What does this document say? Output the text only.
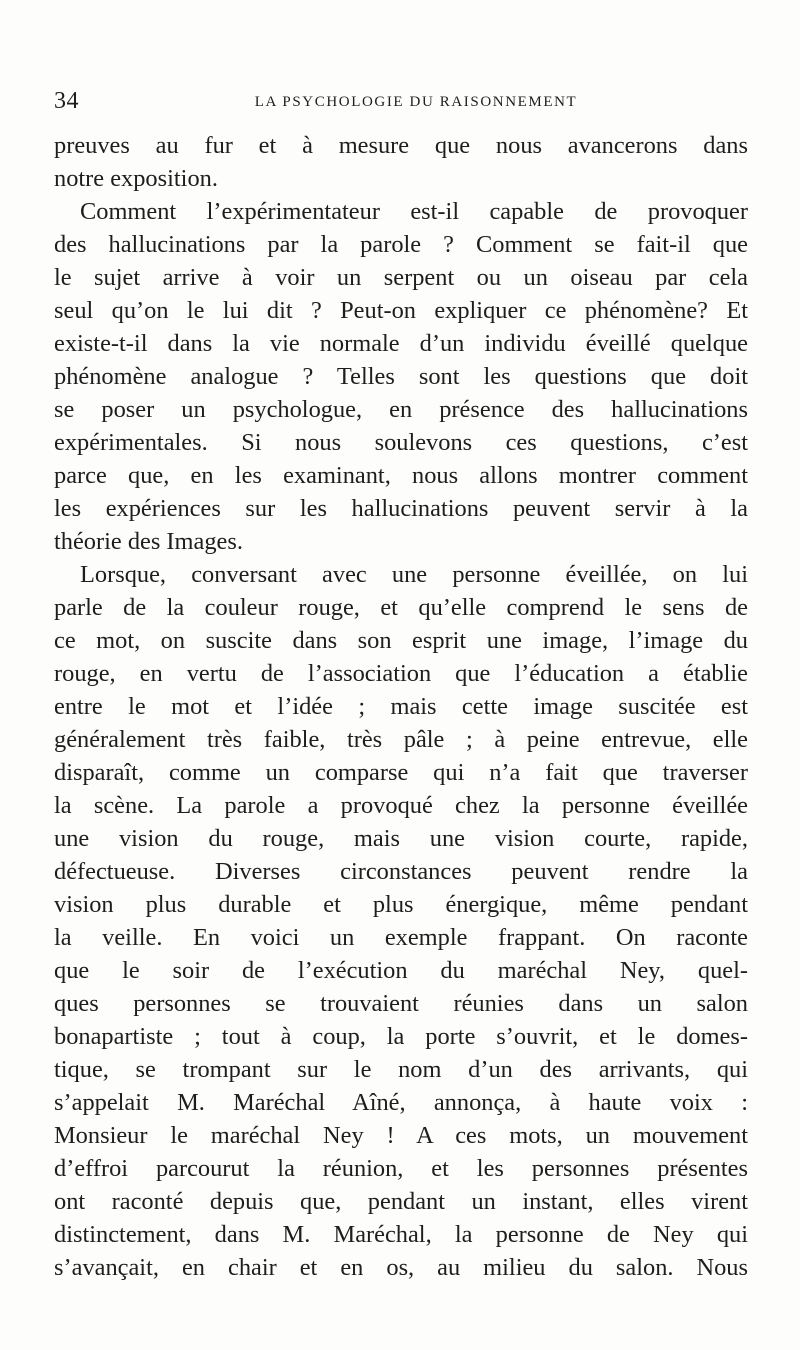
34	LA PSYCHOLOGIE DU RAISONNEMENT
preuves au fur et à mesure que nous avancerons dans
notre exposition.
Comment l’expérimentateur est-il capable de provoquer
des hallucinations par la parole ? Comment se fait-il que
le sujet arrive à voir un serpent ou un oiseau par cela
seul qu’on le lui dit ? Peut-on expliquer ce phénomène? Et
existe-t-il dans la vie normale d’un individu éveillé quelque
phénomène analogue ? Telles sont les questions que doit
se poser un psychologue, en présence des hallucinations
expérimentales. Si nous soulevons ces questions, c’est
parce que, en les examinant, nous allons montrer comment
les expériences sur les hallucinations peuvent servir à la
théorie des Images.
Lorsque, conversant avec une personne éveillée, on lui
parle de la couleur rouge, et qu’elle comprend le sens de
ce mot, on suscite dans son esprit une image, l’image du
rouge, en vertu de l’association que l’éducation a établie
entre le mot et l’idée ; mais cette image suscitée est
généralement très faible, très pâle ; à peine entrevue, elle
disparaît, comme un comparse qui n’a fait que traverser
la scène. La parole a provoqué chez la personne éveillée
une vision du rouge, mais une vision courte, rapide,
défectueuse. Diverses circonstances peuvent rendre la
vision plus durable et plus énergique, même pendant
la veille. En voici un exemple frappant. On raconte
que le soir de l’exécution du maréchal Ney, quel-
ques personnes se trouvaient réunies dans un salon
bonapartiste ; tout à coup, la porte s’ouvrit, et le domes-
tique, se trompant sur le nom d’un des arrivants, qui
s’appelait M. Maréchal Aîné, annonça, à haute voix :
Monsieur le maréchal Ney ! A ces mots, un mouvement
d’effroi parcourut la réunion, et les personnes présentes
ont raconté depuis que, pendant un instant, elles virent
distinctement, dans M. Maréchal, la personne de Ney qui
s’avançait, en chair et en os, au milieu du salon. Nous
